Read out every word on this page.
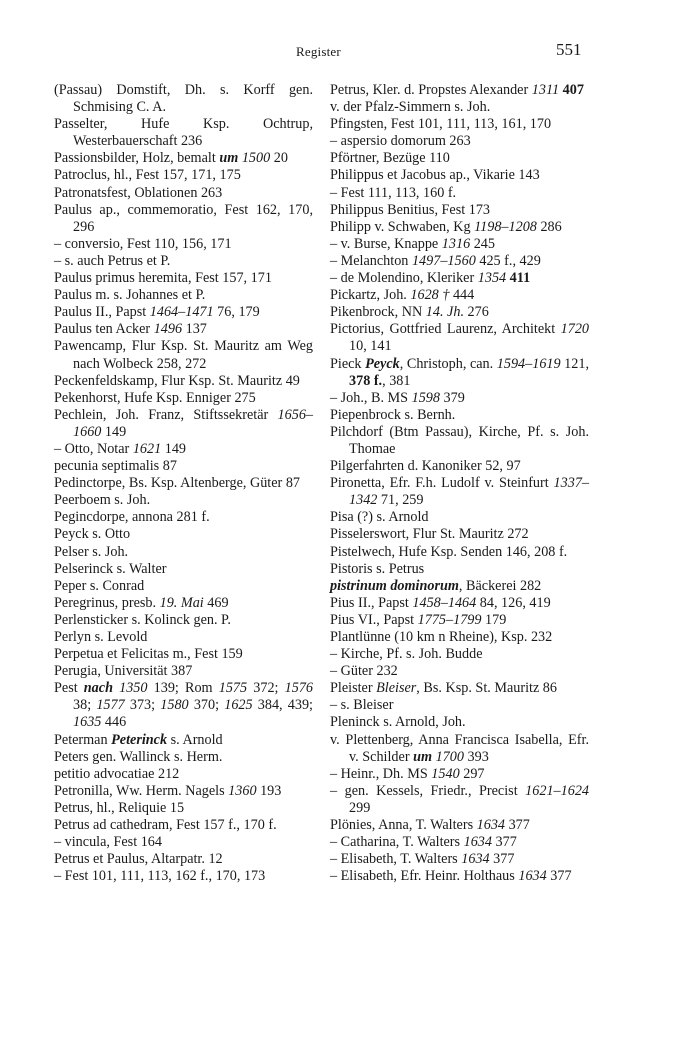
Register	551
(Passau) Domstift, Dh. s. Korff gen. Schmising C. A.
Passelter, Hufe Ksp. Ochtrup, Westerbauerschaft 236
Passionsbilder, Holz, bemalt um 1500 20
Patroclus, hl., Fest 157, 171, 175
Patronatsfest, Oblationen 263
Paulus ap., commemoratio, Fest 162, 170, 296
– conversio, Fest 110, 156, 171
– s. auch Petrus et P.
Paulus primus heremita, Fest 157, 171
Paulus m. s. Johannes et P.
Paulus II., Papst 1464–1471 76, 179
Paulus ten Acker 1496 137
Pawencamp, Flur Ksp. St. Mauritz am Weg nach Wolbeck 258, 272
Peckenfeldskamp, Flur Ksp. St. Mauritz 49
Pekenhorst, Hufe Ksp. Enniger 275
Pechlein, Joh. Franz, Stiftssekretär 1656–1660 149
– Otto, Notar 1621 149
pecunia septimalis 87
Pedinctorpe, Bs. Ksp. Altenberge, Güter 87
Peerboem s. Joh.
Pegincdorpe, annona 281 f.
Peyck s. Otto
Pelser s. Joh.
Pelserinck s. Walter
Peper s. Conrad
Peregrinus, presb. 19. Mai 469
Perlensticker s. Kolinck gen. P.
Perlyn s. Levold
Perpetua et Felicitas m., Fest 159
Perugia, Universität 387
Pest nach 1350 139; Rom 1575 372; 1576 38; 1577 373; 1580 370; 1625 384, 439; 1635 446
Peterman Peterinck s. Arnold
Peters gen. Wallinck s. Herm.
petitio advocatiae 212
Petronilla, Ww. Herm. Nagels 1360 193
Petrus, hl., Reliquie 15
Petrus ad cathedram, Fest 157 f., 170 f.
– vincula, Fest 164
Petrus et Paulus, Altarpatr. 12
– Fest 101, 111, 113, 162 f., 170, 173
Petrus, Kler. d. Propstes Alexander 1311 407
v. der Pfalz-Simmern s. Joh.
Pfingsten, Fest 101, 111, 113, 161, 170
– aspersio domorum 263
Pförtner, Bezüge 110
Philippus et Jacobus ap., Vikarie 143
– Fest 111, 113, 160 f.
Philippus Benitius, Fest 173
Philipp v. Schwaben, Kg 1198–1208 286
– v. Burse, Knappe 1316 245
– Melanchton 1497–1560 425 f., 429
– de Molendino, Kleriker 1354 411
Pickartz, Joh. 1628 † 444
Pikenbrock, NN 14. Jh. 276
Pictorius, Gottfried Laurenz, Architekt 1720 10, 141
Pieck Peyck, Christoph, can. 1594–1619 121, 378 f., 381
– Joh., B. MS 1598 379
Piepenbrock s. Bernh.
Pilchdorf (Btm Passau), Kirche, Pf. s. Joh. Thomae
Pilgerfahrten d. Kanoniker 52, 97
Pironetta, Efr. F.h. Ludolf v. Steinfurt 1337–1342 71, 259
Pisa (?) s. Arnold
Pisselerswort, Flur St. Mauritz 272
Pistelwech, Hufe Ksp. Senden 146, 208 f.
Pistoris s. Petrus
pistrinum dominorum, Bäckerei 282
Pius II., Papst 1458–1464 84, 126, 419
Pius VI., Papst 1775–1799 179
Plantlünne (10 km n Rheine), Ksp. 232
– Kirche, Pf. s. Joh. Budde
– Güter 232
Pleister Bleiser, Bs. Ksp. St. Mauritz 86
– s. Bleiser
Pleninck s. Arnold, Joh.
v. Plettenberg, Anna Francisca Isabella, Efr. v. Schilder um 1700 393
– Heinr., Dh. MS 1540 297
– gen. Kessels, Friedr., Precist 1621–1624 299
Plönies, Anna, T. Walters 1634 377
– Catharina, T. Walters 1634 377
– Elisabeth, T. Walters 1634 377
– Elisabeth, Efr. Heinr. Holthaus 1634 377
